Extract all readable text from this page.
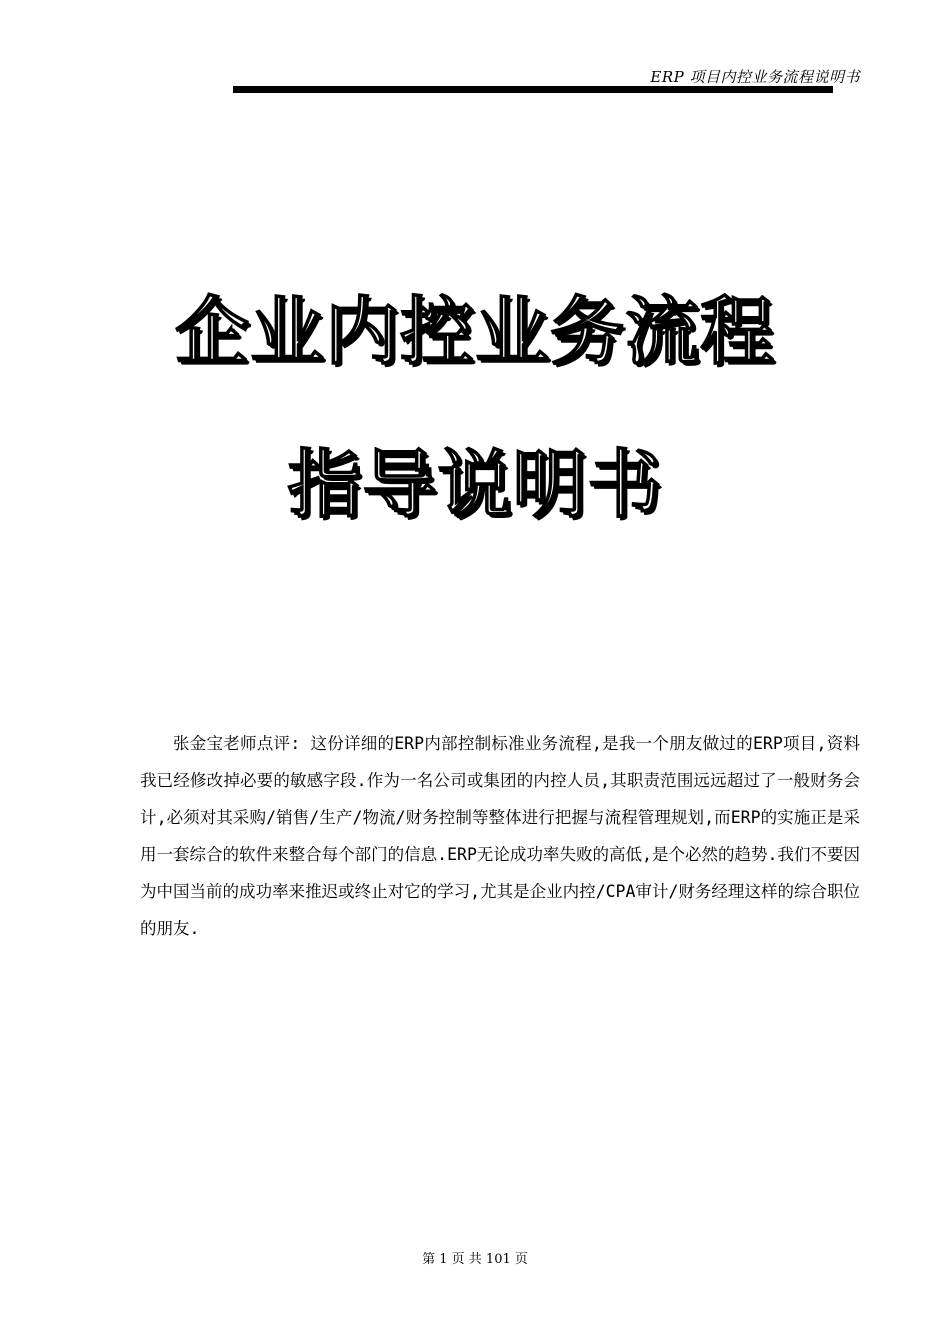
ERP 项目内控业务流程说明书
企业内控业务流程
指导说明书

张金宝老师点评: 这份详细的ERP内部控制标准业务流程,是我一个朋友做过的ERP项目,资料我已经修改掉必要的敏感字段.作为一名公司或集团的内控人员,其职责范围远远超过了一般财务会计,必须对其采购/销售/生产/物流/财务控制等整体进行把握与流程管理规划,而ERP的实施正是采用一套综合的软件来整合每个部门的信息.ERP无论成功率失败的高低,是个必然的趋势.我们不要因为中国当前的成功率来推迟或终止对它的学习,尤其是企业内控/CPA审计/财务经理这样的综合职位的朋友.

第 1 页 共 101 页
